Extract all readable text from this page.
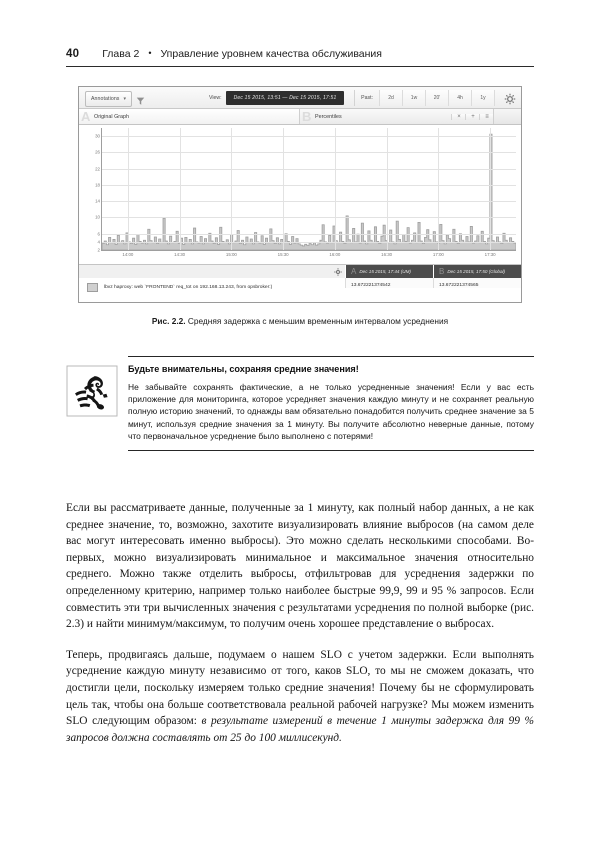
40 Глава 2 • Управление уровнем качества обслуживания
Annotations ▾	View:	Dec 15 2015, 13:51 — Dec 15 2015, 17:51	Past:	2d	1w	20'	4h	1y
A Original Graph	B Percentiles	×	+	≡
2
4
6
10
14
18
22
26
30
14:00	14:30	15:00	15:30	16:00	16:30	17:00	17:30
A Dec 15 2015, 17:44 (UM)	B Dec 15 2015, 17:50 (Global)
lbvz haproxy: web `FRONTEND` req_tot on 192.168.13.243, from opsbroker:)	13.672221374542	13.672221374565
Рис. 2.2. Средняя задержка с меньшим временным интервалом усреднения
Будьте внимательны, сохраняя средние значения!
Не забывайте сохранять фактические, а не только усредненные значения! Если у вас есть приложение для мониторинга, которое усредняет значения каждую минуту и не сохраняет реальную полную историю значений, то однажды вам обязательно понадобится получить среднее значение за 5 минут, используя средние значения за 1 минуту. Вы получите абсолютно неверные данные, потому что первоначальное усреднение было выполнено с потерями!

Если вы рассматриваете данные, полученные за 1 минуту, как полный набор данных, а не как среднее значение, то, возможно, захотите визуализировать влияние выбросов (на самом деле вас могут интересовать именно выбросы). Это можно сделать несколькими способами. Во-первых, можно визуализировать минимальное и максимальное значения относительно среднего. Можно также отделить выбросы, отфильтровав для усреднения задержки по определенному критерию, например только наиболее быстрые 99,9, 99 и 95 % запросов. Если совместить эти три вычисленных значения с результатами усреднения по полной выборке (рис. 2.3) и найти минимум/максимум, то получим очень хорошее представление о выбросах.

Теперь, продвигаясь дальше, подумаем о нашем SLO с учетом задержки. Если выполнять усреднение каждую минуту независимо от того, каков SLO, то мы не сможем доказать, что достигли цели, поскольку измеряем только средние значения! Почему бы не сформулировать цель так, чтобы она больше соответствовала реальной рабочей нагрузке? Мы можем изменить SLO следующим образом: в результате измерений в течение 1 минуты задержка для 99 % запросов должна составлять от 25 до 100 миллисекунд.
